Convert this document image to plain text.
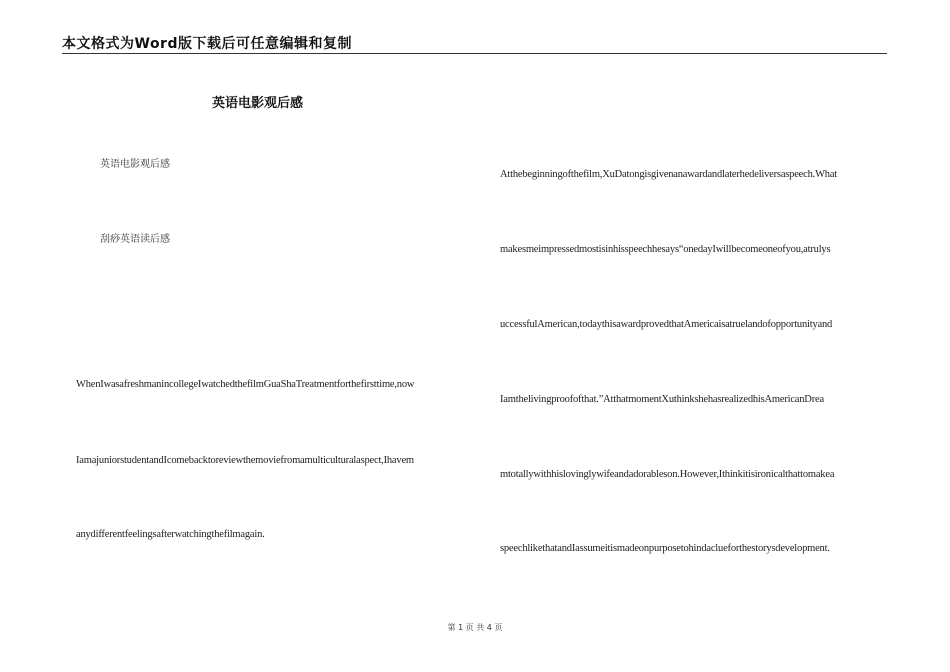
本文格式为Word版下载后可任意编辑和复制
英语电影观后感
英语电影观后感
刮痧英语读后感
WhenIwasafreshmanincollegeIwatchedthefilmGuaShaTreatmentforthefirsttime,now
IamajuniorstudentandIcomebacktoreviewthemoviefromamulticulturalaspect,Ihavem
anydifferentfeelingsafterwatchingthefilmagain.
Atthebeginningofthefilm,XuDatongisgivenanawardandlaterhedeliversaspeech.What
makesmeimpressedmostisinhisspeechhesays“onedayIwillbecomeoneofyou,atrulys
uccessfulAmerican,todaythisawardprovedthatAmericaisatruelandofopportunityand
Iamthelivingproofofthat.”AtthatmomentXuthinkshehasrealizedhisAmericanDrea
mtotallywithhislovinglywifeandadorableson.However,Ithinkitisironicalthattomakea
speechlikethatandIassumeitismadeonpurposetohindaclueforthestorysdevelopment.
第 1 页 共 4 页
